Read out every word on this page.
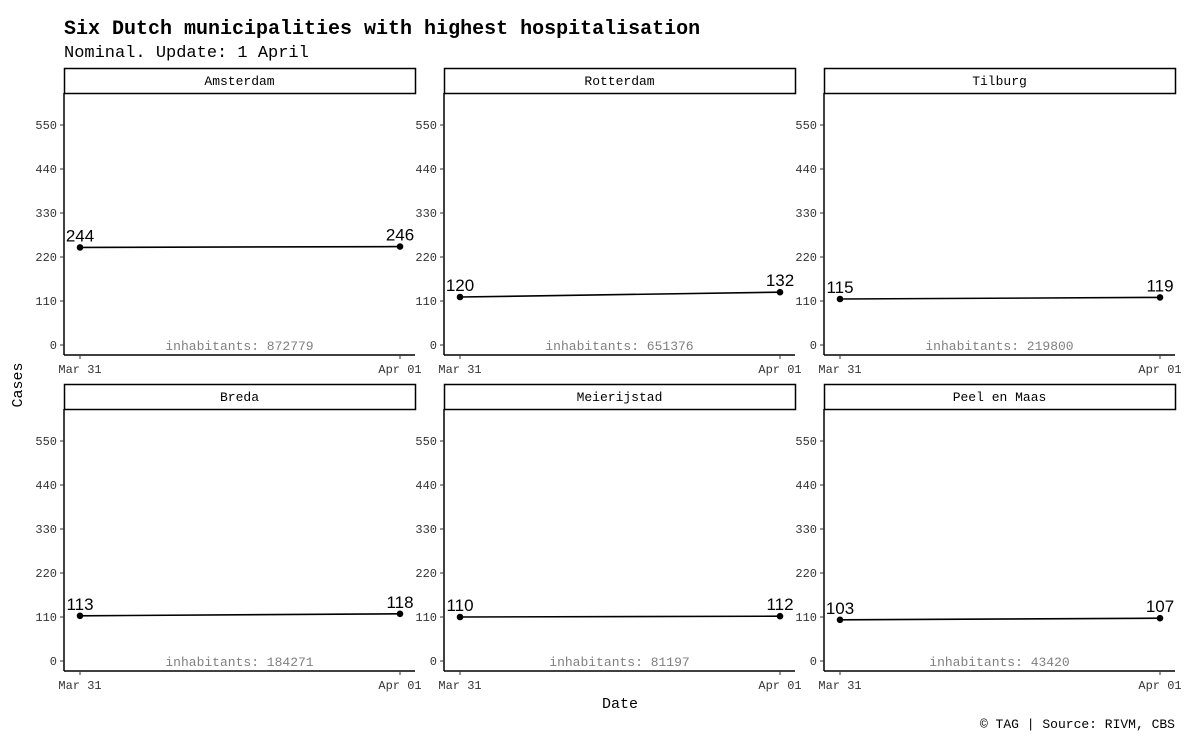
Six Dutch municipalities with highest hospitalisation
Nominal. Update: 1 April
Date
Cases
© TAG | Source: RIVM, CBS
Amsterdam
0
110
220
330
440
550
Mar 31	Apr 01
inhabitants: 872779
244	246
Rotterdam
0
110
220
330
440
550
Mar 31	Apr 01
inhabitants: 651376
120	132
Tilburg
0
110
220
330
440
550
Mar 31	Apr 01
inhabitants: 219800
115	119
Breda
0
110
220
330
440
550
Mar 31	Apr 01
inhabitants: 184271
113	118
Meierijstad
0
110
220
330
440
550
Mar 31	Apr 01
inhabitants: 81197
110	112
Peel en Maas
0
110
220
330
440
550
Mar 31	Apr 01
inhabitants: 43420
103	107
